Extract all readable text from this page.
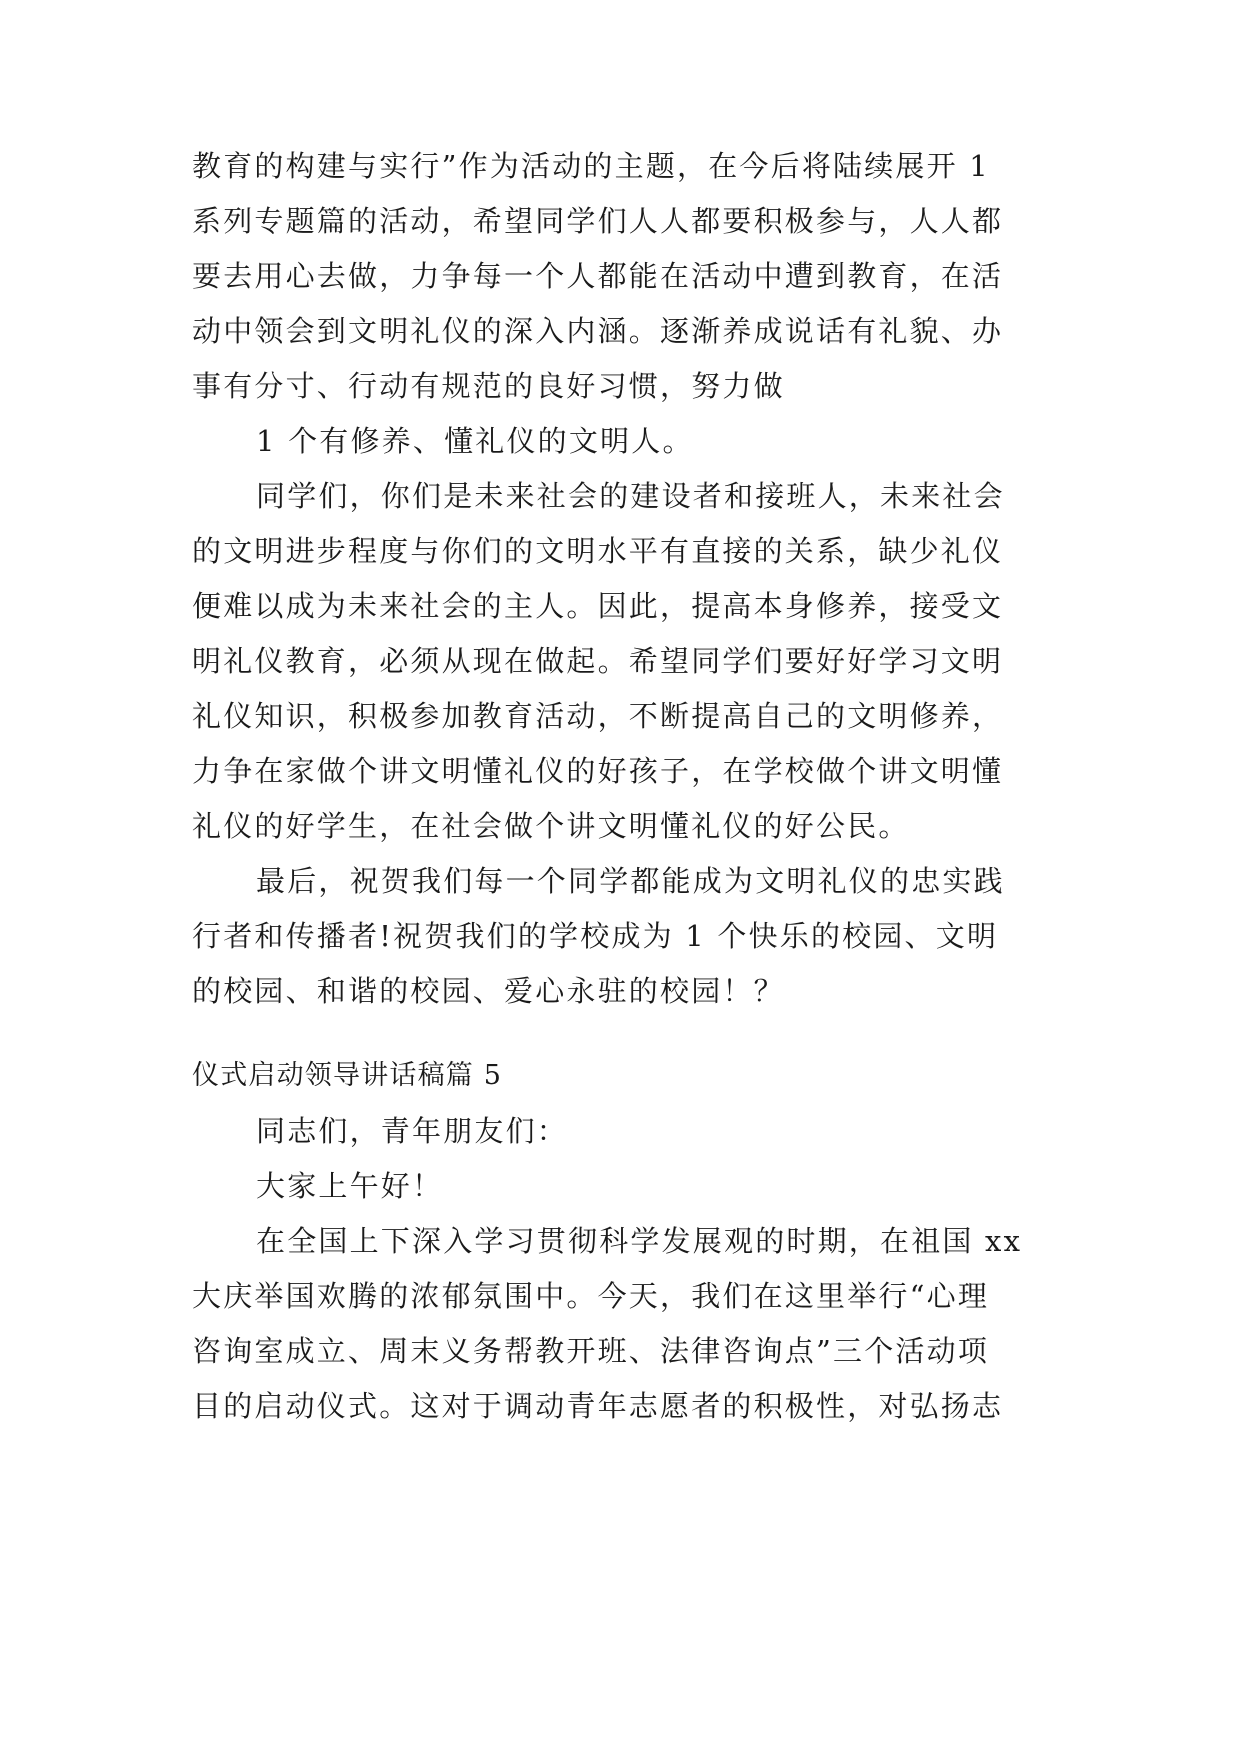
教育的构建与实行”作为活动的主题，在今后将陆续展开 1
系列专题篇的活动，希望同学们人人都要积极参与，人人都
要去用心去做，力争每一个人都能在活动中遭到教育，在活
动中领会到文明礼仪的深入内涵。逐渐养成说话有礼貌、办
事有分寸、行动有规范的良好习惯，努力做
1 个有修养、懂礼仪的文明人。
同学们，你们是未来社会的建设者和接班人，未来社会
的文明进步程度与你们的文明水平有直接的关系，缺少礼仪
便难以成为未来社会的主人。因此，提高本身修养，接受文
明礼仪教育，必须从现在做起。希望同学们要好好学习文明
礼仪知识，积极参加教育活动，不断提高自己的文明修养，
力争在家做个讲文明懂礼仪的好孩子，在学校做个讲文明懂
礼仪的好学生，在社会做个讲文明懂礼仪的好公民。
最后，祝贺我们每一个同学都能成为文明礼仪的忠实践
行者和传播者!祝贺我们的学校成为 1 个快乐的校园、文明
的校园、和谐的校园、爱心永驻的校园！？
仪式启动领导讲话稿篇 5
同志们，青年朋友们：
大家上午好！
在全国上下深入学习贯彻科学发展观的时期，在祖国 xx
大庆举国欢腾的浓郁氛围中。今天，我们在这里举行“心理
咨询室成立、周末义务帮教开班、法律咨询点”三个活动项
目的启动仪式。这对于调动青年志愿者的积极性，对弘扬志
